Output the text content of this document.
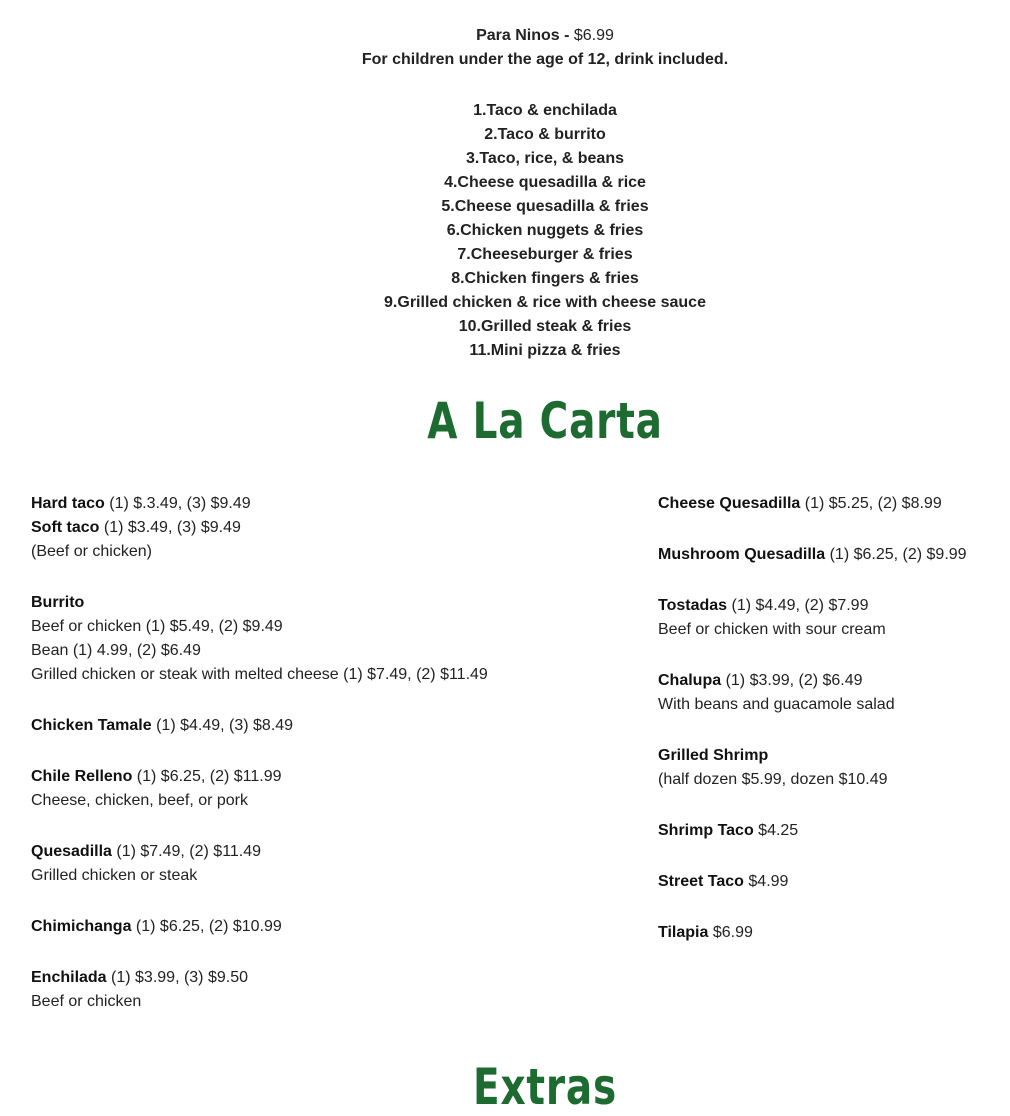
Para Ninos - $6.99
For children under the age of 12, drink included.
1.Taco & enchilada
2.Taco & burrito
3.Taco, rice, & beans
4.Cheese quesadilla & rice
5.Cheese quesadilla & fries
6.Chicken nuggets & fries
7.Cheeseburger & fries
8.Chicken fingers & fries
9.Grilled chicken & rice with cheese sauce
10.Grilled steak & fries
11.Mini pizza & fries
A La Carta
Hard taco (1) $.3.49, (3) $9.49
Soft taco (1) $3.49, (3) $9.49
(Beef or chicken)
Burrito
Beef or chicken (1) $5.49, (2) $9.49
Bean (1) 4.99, (2) $6.49
Grilled chicken or steak with melted cheese (1) $7.49, (2) $11.49
Chicken Tamale (1) $4.49, (3) $8.49
Chile Relleno (1) $6.25, (2) $11.99
Cheese, chicken, beef, or pork
Quesadilla (1) $7.49, (2) $11.49
Grilled chicken or steak
Chimichanga (1) $6.25, (2) $10.99
Enchilada (1) $3.99, (3) $9.50
Beef or chicken
Cheese Quesadilla (1) $5.25, (2) $8.99
Mushroom Quesadilla (1) $6.25, (2) $9.99
Tostadas (1) $4.49, (2) $7.99
Beef or chicken with sour cream
Chalupa (1) $3.99, (2) $6.49
With beans and guacamole salad
Grilled Shrimp
(half dozen $5.99, dozen $10.49
Shrimp Taco $4.25
Street Taco $4.99
Tilapia $6.99
Extras
